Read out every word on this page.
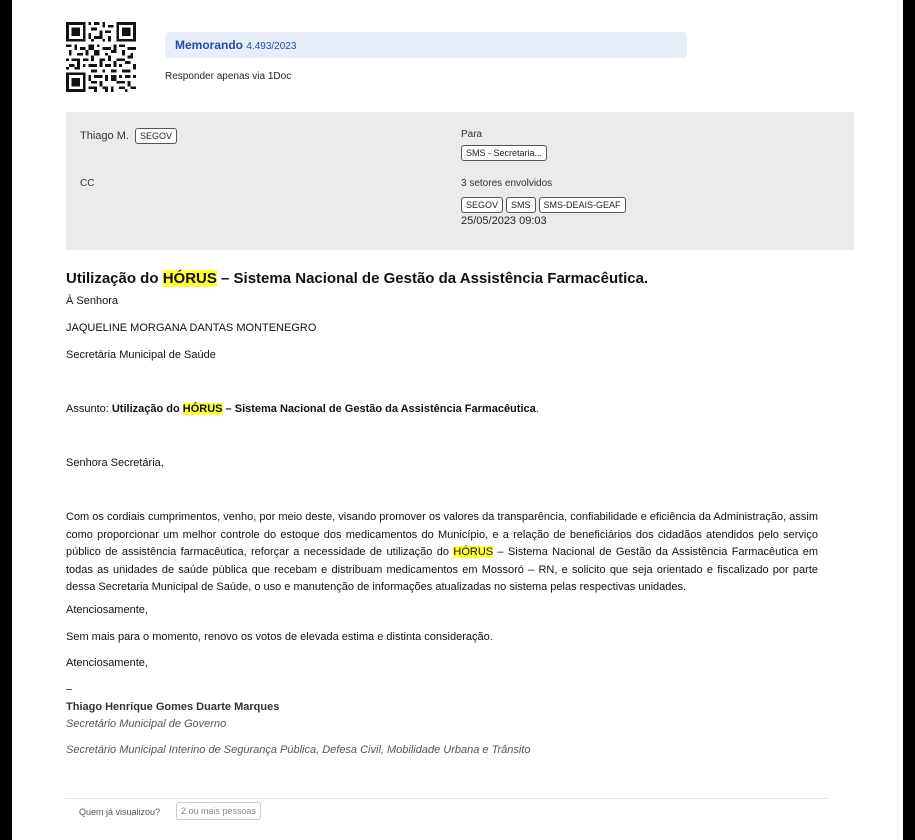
Memorando 4.493/2023
Responder apenas via 1Doc
Thiago M.	SEGOV	Para
SMS - Secretaria...
CC	3 setores envolvidos
SEGOV SMS SMS-DEAIS-GEAF
25/05/2023 09:03
Utilização do HÓRUS – Sistema Nacional de Gestão da Assistência Farmacêutica.
À Senhora
JAQUELINE MORGANA DANTAS MONTENEGRO
Secretária Municipal de Saúde
Assunto: Utilização do HÓRUS – Sistema Nacional de Gestão da Assistência Farmacêutica.
Senhora Secretária,
Com os cordiais cumprimentos, venho, por meio deste, visando promover os valores da transparência, confiabilidade e eficiência da Administração, assim como proporcionar um melhor controle do estoque dos medicamentos do Município, e a relação de beneficiários dos cidadãos atendidos pelo serviço público de assistência farmacêutica, reforçar a necessidade de utilização do HÓRUS – Sistema Nacional de Gestão da Assistência Farmacêutica em todas as unidades de saúde pública que recebam e distribuam medicamentos em Mossoró – RN, e solicito que seja orientado e fiscalizado por parte dessa Secretaria Municipal de Saúde, o uso e manutenção de informações atualizadas no sistema pelas respectivas unidades.
Atenciosamente,
Sem mais para o momento, renovo os votos de elevada estima e distinta consideração.
Atenciosamente,
Thiago Henrique Gomes Duarte Marques
Secretário Municipal de Governo
Secretário Municipal Interino de Segurança Pública, Defesa Civil, Mobilidade Urbana e Trânsito
Quem já visualizou?	2 ou mais pessoas
